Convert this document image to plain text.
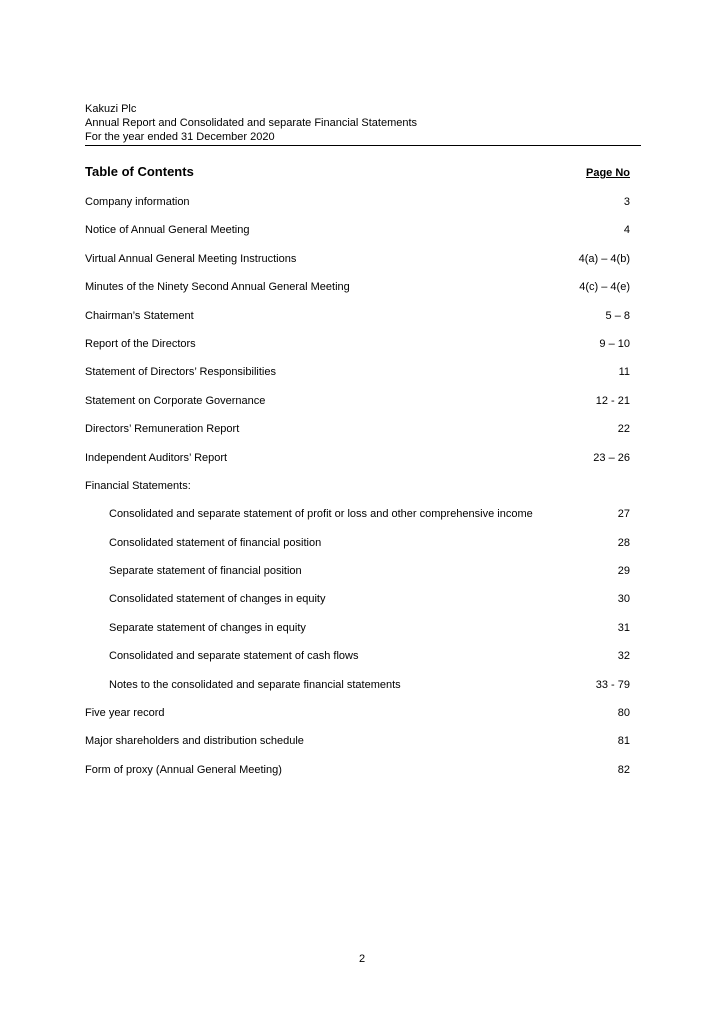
Kakuzi Plc
Annual Report and Consolidated and separate Financial Statements
For the year ended 31 December 2020
Table of Contents	Page No
Company information	3
Notice of Annual General Meeting	4
Virtual Annual General Meeting Instructions	4(a) – 4(b)
Minutes of the Ninety Second Annual General Meeting	4(c) – 4(e)
Chairman’s Statement	5 – 8
Report of the Directors	9 – 10
Statement of Directors’ Responsibilities	11
Statement on Corporate Governance	12 - 21
Directors’ Remuneration Report	22
Independent Auditors’ Report	23 – 26
Financial Statements:
Consolidated and separate statement of profit or loss and other comprehensive income	27
Consolidated statement of financial position	28
Separate statement of financial position	29
Consolidated statement of changes in equity	30
Separate statement of changes in equity	31
Consolidated and separate statement of cash flows	32
Notes to the consolidated and separate financial statements	33 - 79
Five year record	80
Major shareholders and distribution schedule	81
Form of proxy (Annual General Meeting)	82
2
